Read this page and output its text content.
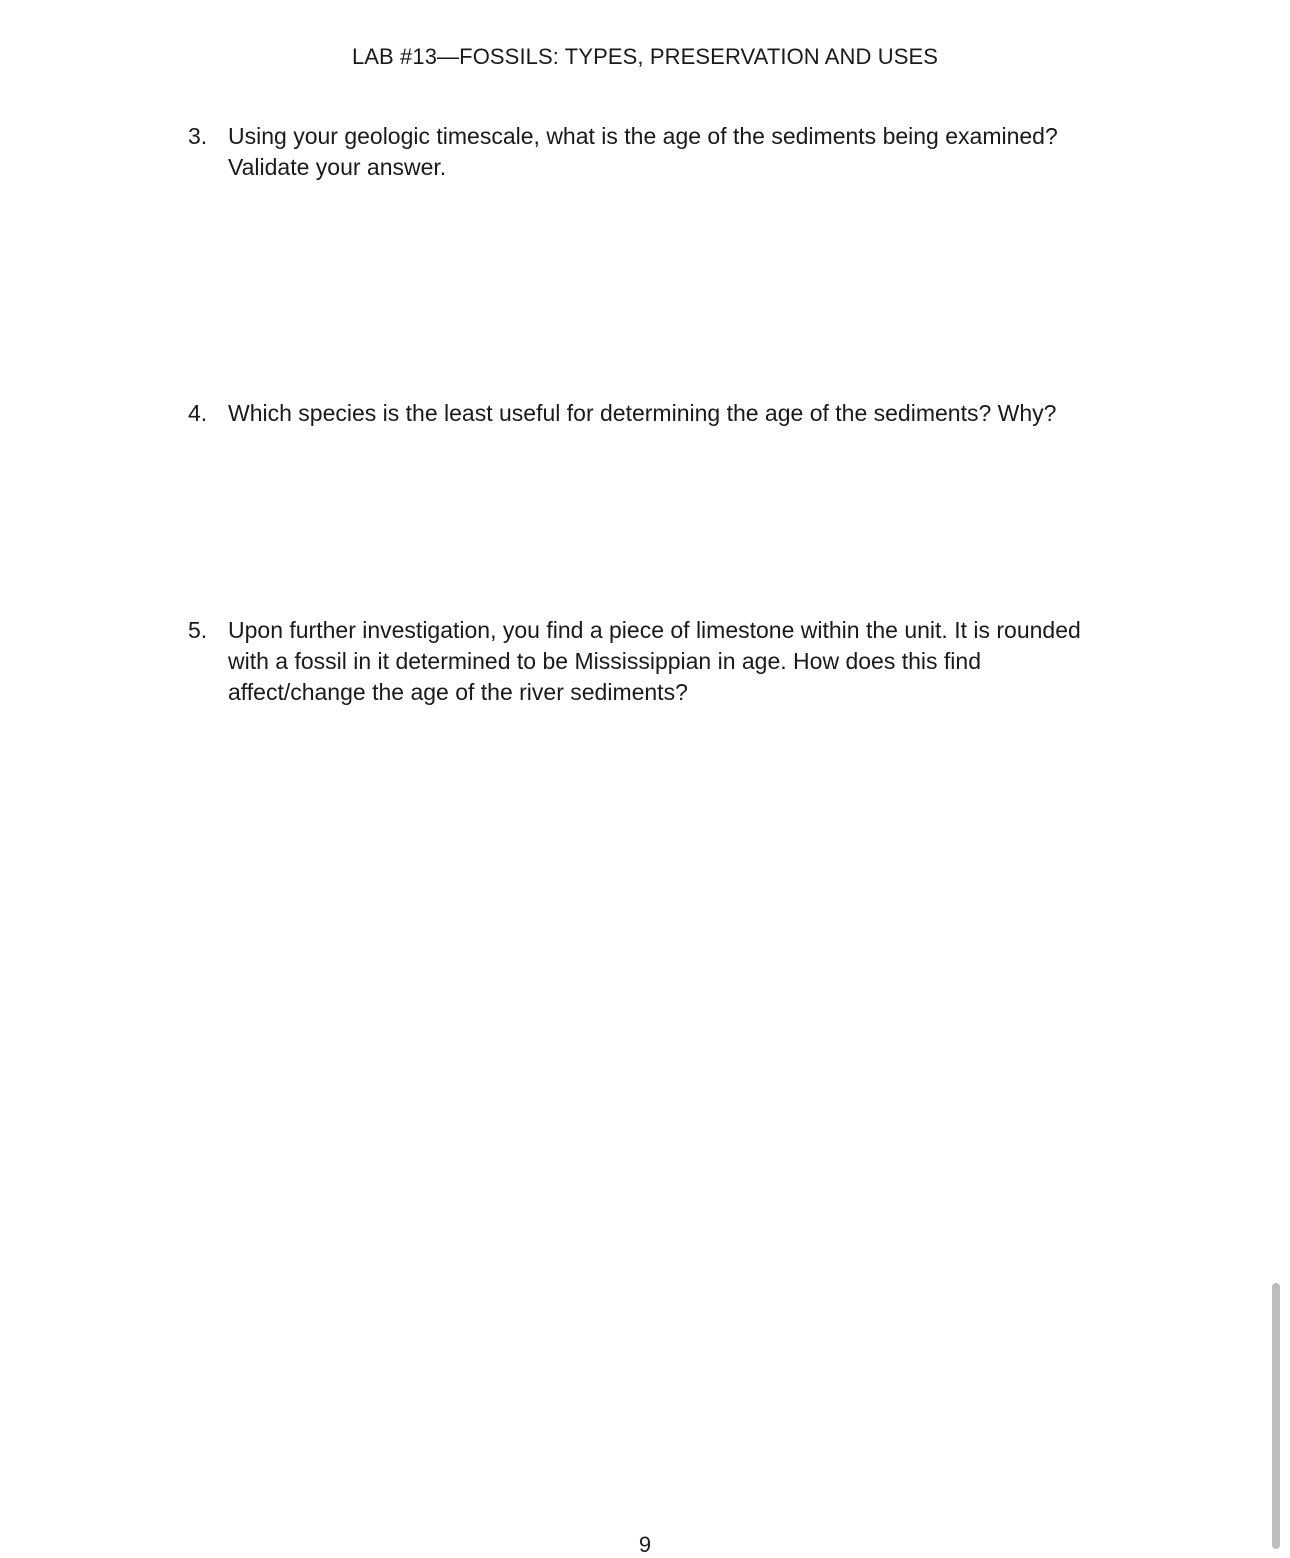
LAB #13—FOSSILS: TYPES, PRESERVATION AND USES
3. Using your geologic timescale, what is the age of the sediments being examined?
Validate your answer.
4. Which species is the least useful for determining the age of the sediments? Why?
5. Upon further investigation, you find a piece of limestone within the unit. It is rounded
with a fossil in it determined to be Mississippian in age. How does this find
affect/change the age of the river sediments?
9
